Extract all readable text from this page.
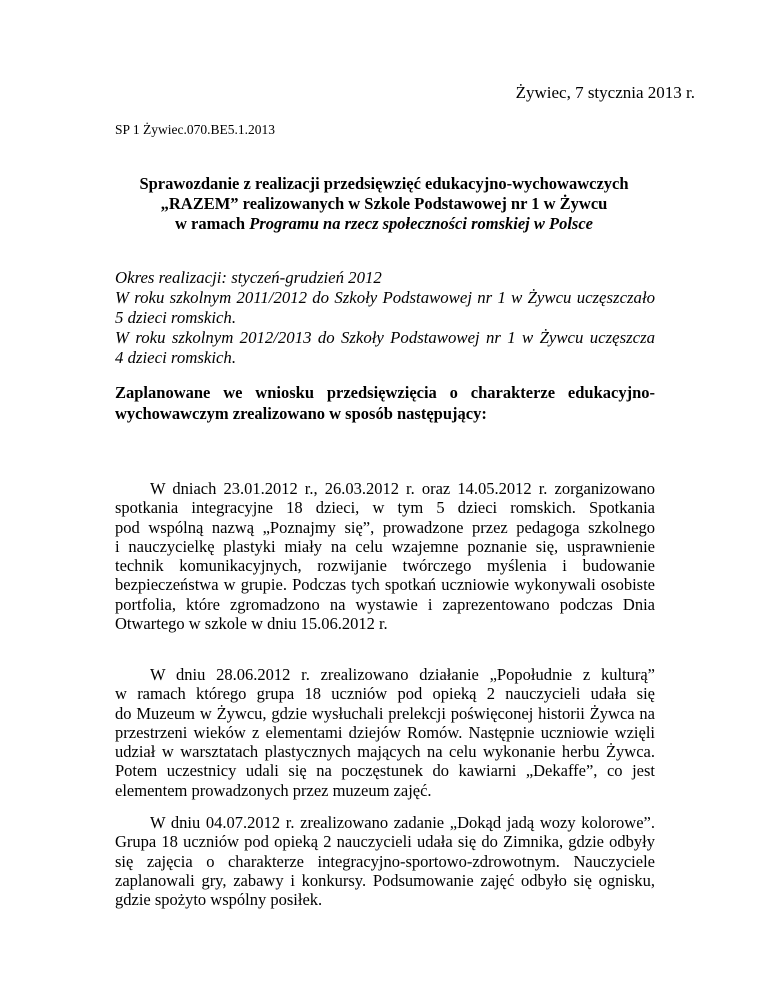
Żywiec, 7 stycznia 2013 r.
SP 1 Żywiec.070.BE5.1.2013
Sprawozdanie z realizacji przedsięwzięć edukacyjno-wychowawczych
„RAZEM” realizowanych w Szkole Podstawowej nr 1 w Żywcu
w ramach Programu na rzecz społeczności romskiej w Polsce
Okres realizacji: styczeń-grudzień 2012
W roku szkolnym 2011/2012 do Szkoły Podstawowej nr 1 w Żywcu uczęszczało
5 dzieci romskich.
W roku szkolnym 2012/2013 do Szkoły Podstawowej nr 1 w Żywcu uczęszcza
4 dzieci romskich.
Zaplanowane we wniosku przedsięwzięcia o charakterze edukacyjno-
wychowawczym zrealizowano w sposób następujący:
W dniach 23.01.2012 r., 26.03.2012 r. oraz 14.05.2012 r. zorganizowano
spotkania integracyjne 18 dzieci, w tym 5 dzieci romskich. Spotkania
pod wspólną nazwą „Poznajmy się”, prowadzone przez pedagoga szkolnego
i nauczycielkę plastyki miały na celu wzajemne poznanie się, usprawnienie
technik komunikacyjnych, rozwijanie twórczego myślenia i budowanie
bezpieczeństwa w grupie. Podczas tych spotkań uczniowie wykonywali osobiste
portfolia, które zgromadzono na wystawie i zaprezentowano podczas Dnia
Otwartego w szkole w dniu 15.06.2012 r.
W dniu 28.06.2012 r. zrealizowano działanie „Popołudnie z kulturą”
w ramach którego grupa 18 uczniów pod opieką 2 nauczycieli udała się
do Muzeum w Żywcu, gdzie wysłuchali prelekcji poświęconej historii Żywca na
przestrzeni wieków z elementami dziejów Romów. Następnie uczniowie wzięli
udział w warsztatach plastycznych mających na celu wykonanie herbu Żywca.
Potem uczestnicy udali się na poczęstunek do kawiarni „Dekaffe”, co jest
elementem prowadzonych przez muzeum zajęć.
W dniu 04.07.2012 r. zrealizowano zadanie „Dokąd jadą wozy kolorowe”.
Grupa 18 uczniów pod opieką 2 nauczycieli udała się do Zimnika, gdzie odbyły
się zajęcia o charakterze integracyjno-sportowo-zdrowotnym. Nauczyciele
zaplanowali gry, zabawy i konkursy. Podsumowanie zajęć odbyło się ognisku,
gdzie spożyto wspólny posiłek.
